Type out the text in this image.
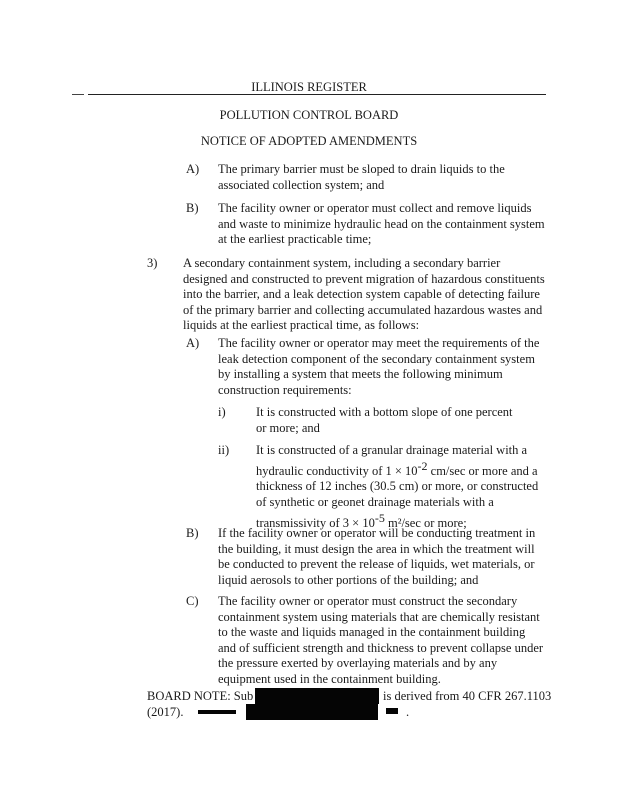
ILLINOIS REGISTER
POLLUTION CONTROL BOARD
NOTICE OF ADOPTED AMENDMENTS
A) The primary barrier must be sloped to drain liquids to the associated collection system; and
B) The facility owner or operator must collect and remove liquids and waste to minimize hydraulic head on the containment system at the earliest practicable time;
3) A secondary containment system, including a secondary barrier designed and constructed to prevent migration of hazardous constituents into the barrier, and a leak detection system capable of detecting failure of the primary barrier and collecting accumulated hazardous wastes and liquids at the earliest practical time, as follows:
A) The facility owner or operator may meet the requirements of the leak detection component of the secondary containment system by installing a system that meets the following minimum construction requirements:
i) It is constructed with a bottom slope of one percent or more; and
ii) It is constructed of a granular drainage material with a hydraulic conductivity of $1 \times 10^{-2}$ cm/sec or more and a thickness of 12 inches (30.5 cm) or more, or constructed of synthetic or geonet drainage materials with a transmissivity of $3 \times 10^{-5}$ m²/sec or more;
B) If the facility owner or operator will be conducting treatment in the building, it must design the area in which the treatment will be conducted to prevent the release of liquids, wet materials, or liquid aerosols to other portions of the building; and
C) The facility owner or operator must construct the secondary containment system using materials that are chemically resistant to the waste and liquids managed in the containment building and of sufficient strength and thickness to prevent collapse under the pressure exerted by overlaying materials and by any equipment used in the containment building.
BOARD NOTE: Sub	is derived from 40 CFR 267.1103
(2017).	.
